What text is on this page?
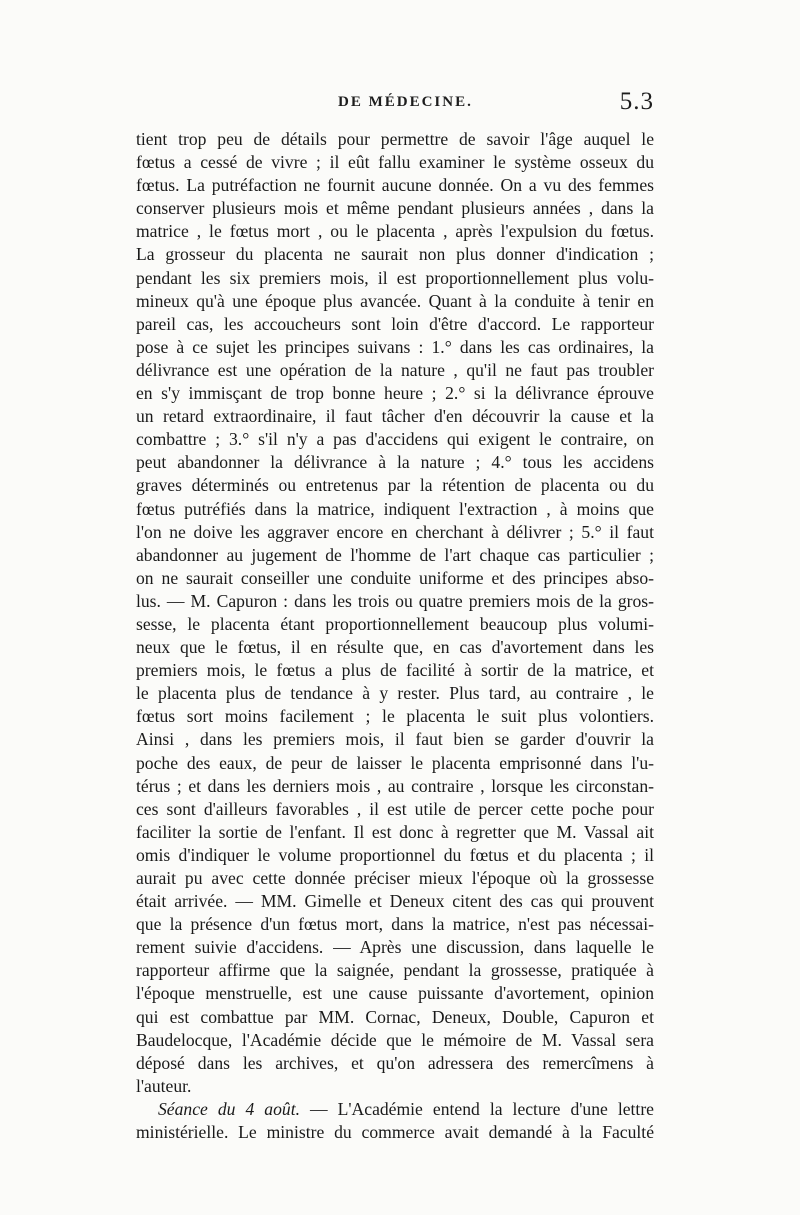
DE MÉDECINE.	5.3
tient trop peu de détails pour permettre de savoir l'âge auquel le
fœtus a cessé de vivre ; il eût fallu examiner le système osseux du
fœtus. La putréfaction ne fournit aucune donnée. On a vu des femmes
conserver plusieurs mois et même pendant plusieurs années , dans la
matrice , le fœtus mort , ou le placenta , après l'expulsion du fœtus.
La grosseur du placenta ne saurait non plus donner d'indication ;
pendant les six premiers mois, il est proportionnellement plus volu-
mineux qu'à une époque plus avancée. Quant à la conduite à tenir en
pareil cas, les accoucheurs sont loin d'être d'accord. Le rapporteur
pose à ce sujet les principes suivans : 1.° dans les cas ordinaires, la
délivrance est une opération de la nature , qu'il ne faut pas troubler
en s'y immisçant de trop bonne heure ; 2.° si la délivrance éprouve
un retard extraordinaire, il faut tâcher d'en découvrir la cause et la
combattre ; 3.° s'il n'y a pas d'accidens qui exigent le contraire, on
peut abandonner la délivrance à la nature ; 4.° tous les accidens
graves déterminés ou entretenus par la rétention de placenta ou du
fœtus putréfiés dans la matrice, indiquent l'extraction , à moins que
l'on ne doive les aggraver encore en cherchant à délivrer ; 5.° il faut
abandonner au jugement de l'homme de l'art chaque cas particulier ;
on ne saurait conseiller une conduite uniforme et des principes abso-
lus. — M. Capuron : dans les trois ou quatre premiers mois de la gros-
sesse, le placenta étant proportionnellement beaucoup plus volumi-
neux que le fœtus, il en résulte que, en cas d'avortement dans les
premiers mois, le fœtus a plus de facilité à sortir de la matrice, et
le placenta plus de tendance à y rester. Plus tard, au contraire , le
fœtus sort moins facilement ; le placenta le suit plus volontiers.
Ainsi , dans les premiers mois, il faut bien se garder d'ouvrir la
poche des eaux, de peur de laisser le placenta emprisonné dans l'u-
térus ; et dans les derniers mois , au contraire , lorsque les circonstan-
ces sont d'ailleurs favorables , il est utile de percer cette poche pour
faciliter la sortie de l'enfant. Il est donc à regretter que M. Vassal ait
omis d'indiquer le volume proportionnel du fœtus et du placenta ; il
aurait pu avec cette donnée préciser mieux l'époque où la grossesse
était arrivée. — MM. Gimelle et Deneux citent des cas qui prouvent
que la présence d'un fœtus mort, dans la matrice, n'est pas nécessai-
rement suivie d'accidens. — Après une discussion, dans laquelle le
rapporteur affirme que la saignée, pendant la grossesse, pratiquée à
l'époque menstruelle, est une cause puissante d'avortement, opinion
qui est combattue par MM. Cornac, Deneux, Double, Capuron et
Baudelocque, l'Académie décide que le mémoire de M. Vassal sera
déposé dans les archives, et qu'on adressera des remercîmens à
l'auteur.
Séance du 4 août. — L'Académie entend la lecture d'une lettre
ministérielle. Le ministre du commerce avait demandé à la Faculté
